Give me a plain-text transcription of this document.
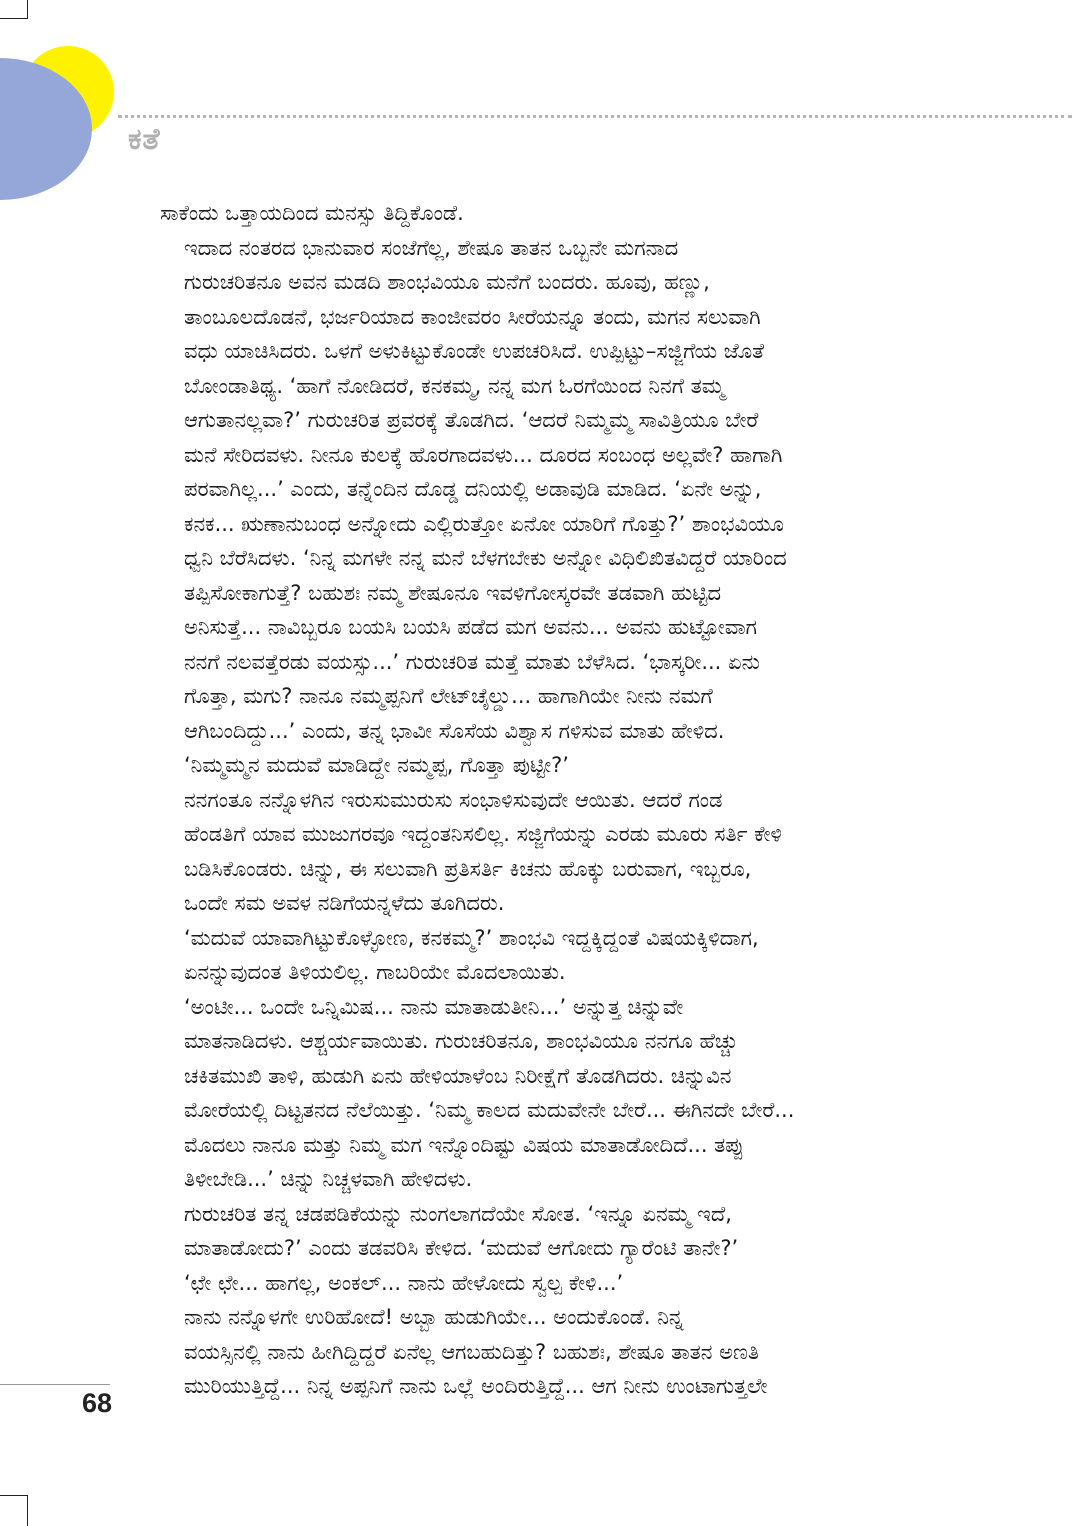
ಕತೆ

ಸಾಕೆಂದು ಒತ್ತಾಯದಿಂದ ಮನಸ್ಸು ತಿದ್ದಿಕೊಂಡೆ.

ಇದಾದ ನಂತರದ ಭಾನುವಾರ ಸಂಜೆಗೆಲ್ಲ, ಶೇಷೂ ತಾತನ ಒಬ್ಬನೇ ಮಗನಾದ
ಗುರುಚರಿತನೂ ಅವನ ಮಡದಿ ಶಾಂಭವಿಯೂ ಮನೆಗೆ ಬಂದರು. ಹೂವು, ಹಣ್ಣು,
ತಾಂಬೂಲದೊಡನೆ, ಭರ್ಜರಿಯಾದ ಕಾಂಜೀವರಂ ಸೀರೆಯನ್ನೂ ತಂದು, ಮಗನ ಸಲುವಾಗಿ
ವಧು ಯಾಚಿಸಿದರು. ಒಳಗೆ ಅಳುಕಿಟ್ಟುಕೊಂಡೇ ಉಪಚರಿಸಿದೆ. ಉಪ್ಪಿಟ್ಟು–ಸಜ್ಜಿಗೆಯ ಜೊತೆ
ಬೋಂಡಾತಿಥ್ಯ. ‘ಹಾಗೆ ನೋಡಿದರೆ, ಕನಕಮ್ಮ, ನನ್ನ ಮಗ ಓರಗೆಯಿಂದ ನಿನಗೆ ತಮ್ಮ
ಆಗುತಾನಲ್ಲವಾ?’ ಗುರುಚರಿತ ಪ್ರವರಕ್ಕೆ ತೊಡಗಿದ. ‘ಆದರೆ ನಿಮ್ಮಮ್ಮ ಸಾವಿತ್ರಿಯೂ ಬೇರೆ
ಮನೆ ಸೇರಿದವಳು. ನೀನೂ ಕುಲಕ್ಕೆ ಹೊರಗಾದವಳು... ದೂರದ ಸಂಬಂಧ ಅಲ್ಲವೇ? ಹಾಗಾಗಿ
ಪರವಾಗಿಲ್ಲ...’ ಎಂದು, ತನ್ನೆಂದಿನ ದೊಡ್ಡ ದನಿಯಲ್ಲಿ ಅಡಾವುಡಿ ಮಾಡಿದ. ‘ಏನೇ ಅನ್ನು,
ಕನಕ... ಋಣಾನುಬಂಧ ಅನ್ನೋದು ಎಲ್ಲಿರುತ್ತೋ ಏನೋ ಯಾರಿಗೆ ಗೊತ್ತು?’ ಶಾಂಭವಿಯೂ
ಧ್ವನಿ ಬೆರೆಸಿದಳು. ‘ನಿನ್ನ ಮಗಳೇ ನನ್ನ ಮನೆ ಬೆಳಗಬೇಕು ಅನ್ನೋ ವಿಧಿಲಿಖಿತವಿದ್ದರೆ ಯಾರಿಂದ
ತಪ್ಪಿಸೋಕಾಗುತ್ತೆ? ಬಹುಶಃ ನಮ್ಮ ಶೇಷೂನೂ ಇವಳಿಗೋಸ್ಕರವೇ ತಡವಾಗಿ ಹುಟ್ಟಿದ
ಅನಿಸುತ್ತೆ... ನಾವಿಬ್ಬರೂ ಬಯಸಿ ಬಯಸಿ ಪಡೆದ ಮಗ ಅವನು... ಅವನು ಹುಟ್ಟೋವಾಗ
ನನಗೆ ನಲವತ್ತೆರಡು ವಯಸ್ಸು...’ ಗುರುಚರಿತ ಮತ್ತೆ ಮಾತು ಬೆಳೆಸಿದ. ‘ಭಾಸ್ಕರೀ... ಏನು
ಗೊತ್ತಾ, ಮಗು? ನಾನೂ ನಮ್ಮಪ್ಪನಿಗೆ ಲೇಟ್‌ಚೈಲ್ಡು... ಹಾಗಾಗಿಯೇ ನೀನು ನಮಗೆ
ಆಗಿಬಂದಿದ್ದು...’ ಎಂದು, ತನ್ನ ಭಾವೀ ಸೊಸೆಯ ವಿಶ್ವಾಸ ಗಳಿಸುವ ಮಾತು ಹೇಳಿದ.
‘ನಿಮ್ಮಮ್ಮನ ಮದುವೆ ಮಾಡಿದ್ದೇ ನಮ್ಮಪ್ಪ, ಗೊತ್ತಾ ಪುಟ್ಟೀ?’

ನನಗಂತೂ ನನ್ನೊಳಗಿನ ಇರುಸುಮುರುಸು ಸಂಭಾಳಿಸುವುದೇ ಆಯಿತು. ಆದರೆ ಗಂಡ
ಹೆಂಡತಿಗೆ ಯಾವ ಮುಜುಗರವೂ ಇದ್ದಂತನಿಸಲಿಲ್ಲ. ಸಜ್ಜಿಗೆಯನ್ನು ಎರಡು ಮೂರು ಸರ್ತಿ ಕೇಳಿ
ಬಡಿಸಿಕೊಂಡರು. ಚಿನ್ನು, ಈ ಸಲುವಾಗಿ ಪ್ರತಿಸರ್ತಿ ಕಿಚನು ಹೊಕ್ಕು ಬರುವಾಗ, ಇಬ್ಬರೂ,
ಒಂದೇ ಸಮ ಅವಳ ನಡಿಗೆಯನ್ನಳೆದು ತೂಗಿದರು.

‘ಮದುವೆ ಯಾವಾಗಿಟ್ಟುಕೊಳ್ಳೋಣ, ಕನಕಮ್ಮ?’ ಶಾಂಭವಿ ಇದ್ದಕ್ಕಿದ್ದಂತೆ ವಿಷಯಕ್ಕಿಳಿದಾಗ,
ಏನನ್ನುವುದಂತ ತಿಳಿಯಲಿಲ್ಲ. ಗಾಬರಿಯೇ ಮೊದಲಾಯಿತು.

‘ಅಂಟೀ... ಒಂದೇ ಒನ್ನಿಮಿಷ... ನಾನು ಮಾತಾಡುತೀನಿ...’ ಅನ್ನುತ್ತ ಚಿನ್ನುವೇ
ಮಾತನಾಡಿದಳು. ಆಶ್ಚರ್ಯವಾಯಿತು. ಗುರುಚರಿತನೂ, ಶಾಂಭವಿಯೂ ನನಗೂ ಹೆಚ್ಚು
ಚಕಿತಮುಖಿ ತಾಳಿ, ಹುಡುಗಿ ಏನು ಹೇಳಿಯಾಳೆಂಬ ನಿರೀಕ್ಷೆಗೆ ತೊಡಗಿದರು. ಚಿನ್ನುವಿನ
ಮೋರೆಯಲ್ಲಿ ದಿಟ್ಟತನದ ನೆಲೆಯಿತ್ತು. ‘ನಿಮ್ಮ ಕಾಲದ ಮದುವೇನೇ ಬೇರೆ... ಈಗಿನದೇ ಬೇರೆ...
ಮೊದಲು ನಾನೂ ಮತ್ತು ನಿಮ್ಮ ಮಗ ಇನ್ನೊಂದಿಷ್ಟು ವಿಷಯ ಮಾತಾಡೋದಿದೆ... ತಪ್ಪು
ತಿಳೀಬೇಡಿ...’ ಚಿನ್ನು ನಿಚ್ಚಳವಾಗಿ ಹೇಳಿದಳು.

ಗುರುಚರಿತ ತನ್ನ ಚಡಪಡಿಕೆಯನ್ನು ನುಂಗಲಾಗದೆಯೇ ಸೋತ. ‘ಇನ್ನೂ ಏನಮ್ಮ ಇದೆ,
ಮಾತಾಡೋದು?’ ಎಂದು ತಡವರಿಸಿ ಕೇಳಿದ. ‘ಮದುವೆ ಆಗೋದು ಗ್ಯಾರೆಂಟಿ ತಾನೇ?’

‘ಛೇ ಛೇ... ಹಾಗಲ್ಲ, ಅಂಕಲ್... ನಾನು ಹೇಳೋದು ಸ್ವಲ್ಪ ಕೇಳಿ...’

ನಾನು ನನ್ನೊಳಗೇ ಉರಿಹೋದೆ! ಅಬ್ಬಾ ಹುಡುಗಿಯೇ... ಅಂದುಕೊಂಡೆ. ನಿನ್ನ
ವಯಸ್ಸಿನಲ್ಲಿ ನಾನು ಹೀಗಿದ್ದಿದ್ದರೆ ಏನೆಲ್ಲ ಆಗಬಹುದಿತ್ತು? ಬಹುಶಃ, ಶೇಷೂ ತಾತನ ಅಣತಿ
ಮುರಿಯುತ್ತಿದ್ದೆ... ನಿನ್ನ ಅಪ್ಪನಿಗೆ ನಾನು ಒಲ್ಲೆ ಅಂದಿರುತ್ತಿದ್ದೆ... ಆಗ ನೀನು ಉಂಟಾಗುತ್ತಲೇ

68
